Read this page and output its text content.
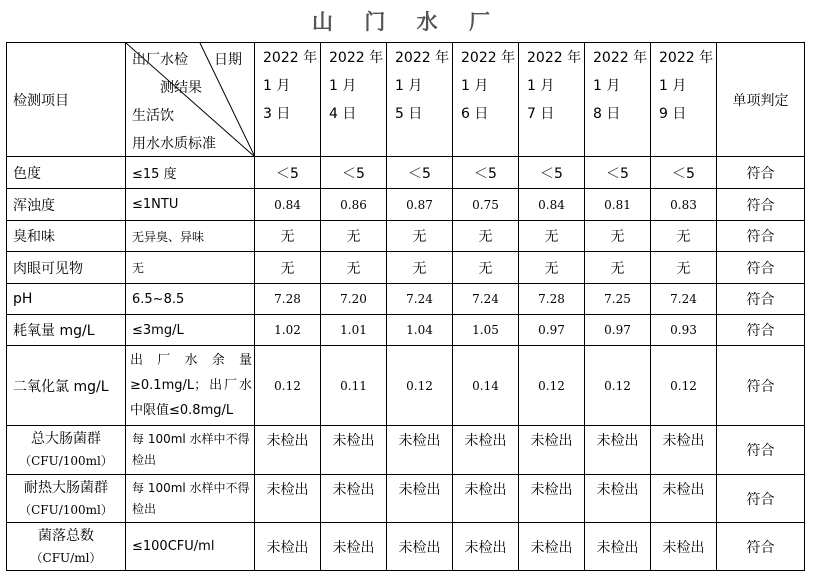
山 门 水 厂
检测项目	出厂水检 日期
测结果
生活饮
用水水质标准	2022 年
1 月
3 日	2022 年
1 月
4 日	2022 年
1 月
5 日	2022 年
1 月
6 日	2022 年
1 月
7 日	2022 年
1 月
8 日	2022 年
1 月
9 日	单项判定
色度	≤15 度	＜5	＜5	＜5	＜5	＜5	＜5	＜5	符合
浑浊度	≤1NTU	0.84	0.86	0.87	0.75	0.84	0.81	0.83	符合
臭和味	无异臭、异味	无	无	无	无	无	无	无	符合
肉眼可见物	无	无	无	无	无	无	无	无	符合
pH	6.5~8.5	7.28	7.20	7.24	7.24	7.28	7.25	7.24	符合
耗氧量 mg/L	≤3mg/L	1.02	1.01	1.04	1.05	0.97	0.97	0.93	符合
二氧化氯 mg/L	出厂水余量≥0.1mg/L；出厂水中限值≤0.8mg/L	0.12	0.11	0.12	0.14	0.12	0.12	0.12	符合
总大肠菌群
（CFU/100ml）	每 100ml 水样中不得检出	未检出	未检出	未检出	未检出	未检出	未检出	未检出	符合
耐热大肠菌群
（CFU/100ml）	每 100ml 水样中不得检出	未检出	未检出	未检出	未检出	未检出	未检出	未检出	符合
菌落总数
（CFU/ml）	≤100CFU/ml	未检出	未检出	未检出	未检出	未检出	未检出	未检出	符合
